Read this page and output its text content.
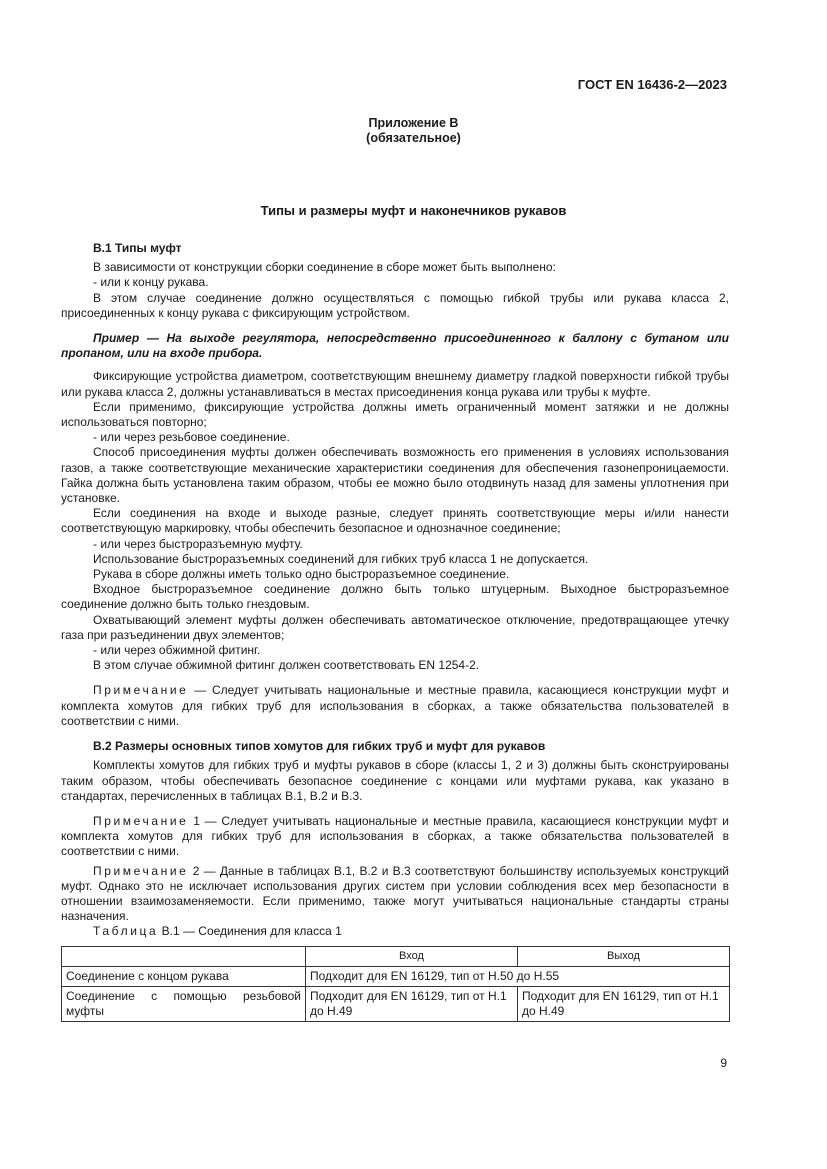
ГОСТ EN 16436-2—2023
Приложение В
(обязательное)
Типы и размеры муфт и наконечников рукавов
В.1 Типы муфт

В зависимости от конструкции сборки соединение в сборе может быть выполнено:

- или к концу рукава.

В этом случае соединение должно осуществляться с помощью гибкой трубы или рукава класса 2, присоединенных к концу рукава с фиксирующим устройством.

Пример — На выходе регулятора, непосредственно присоединенного к баллону с бутаном или пропаном, или на входе прибора.

Фиксирующие устройства диаметром, соответствующим внешнему диаметру гладкой поверхности гибкой трубы или рукава класса 2, должны устанавливаться в местах присоединения конца рукава или трубы к муфте.

Если применимо, фиксирующие устройства должны иметь ограниченный момент затяжки и не должны использоваться повторно;

- или через резьбовое соединение.

Способ присоединения муфты должен обеспечивать возможность его применения в условиях использования газов, а также соответствующие механические характеристики соединения для обеспечения газонепроницаемости. Гайка должна быть установлена таким образом, чтобы ее можно было отодвинуть назад для замены уплотнения при установке.

Если соединения на входе и выходе разные, следует принять соответствующие меры и/или нанести соответствующую маркировку, чтобы обеспечить безопасное и однозначное соединение;

- или через быстроразъемную муфту.

Использование быстроразъемных соединений для гибких труб класса 1 не допускается.

Рукава в сборе должны иметь только одно быстроразъемное соединение.

Входное быстроразъемное соединение должно быть только штуцерным. Выходное быстроразъемное соединение должно быть только гнездовым.

Охватывающий элемент муфты должен обеспечивать автоматическое отключение, предотвращающее утечку газа при разъединении двух элементов;

- или через обжимной фитинг.

В этом случае обжимной фитинг должен соответствовать EN 1254-2.

Примечание — Следует учитывать национальные и местные правила, касающиеся конструкции муфт и комплекта хомутов для гибких труб для использования в сборках, а также обязательства пользователей в соответствии с ними.

В.2 Размеры основных типов хомутов для гибких труб и муфт для рукавов

Комплекты хомутов для гибких труб и муфты рукавов в сборе (классы 1, 2 и 3) должны быть сконструированы таким образом, чтобы обеспечивать безопасное соединение с концами или муфтами рукава, как указано в стандартах, перечисленных в таблицах В.1, В.2 и В.3.

Примечание 1 — Следует учитывать национальные и местные правила, касающиеся конструкции муфт и комплекта хомутов для гибких труб для использования в сборках, а также обязательства пользователей в соответствии с ними.

Примечание 2 — Данные в таблицах В.1, В.2 и В.3 соответствуют большинству используемых конструкций муфт. Однако это не исключает использования других систем при условии соблюдения всех мер безопасности в отношении взаимозаменяемости. Если применимо, также могут учитываться национальные стандарты страны назначения.

Таблица В.1 — Соединения для класса 1

	Вход	Выход
Соединение с концом рукава	Подходит для EN 16129, тип от Н.50 до Н.55	
Соединение с помощью резьбовой муфты	Подходит для EN 16129, тип от Н.1 до Н.49	Подходит для EN 16129, тип от Н.1 до Н.49
9
